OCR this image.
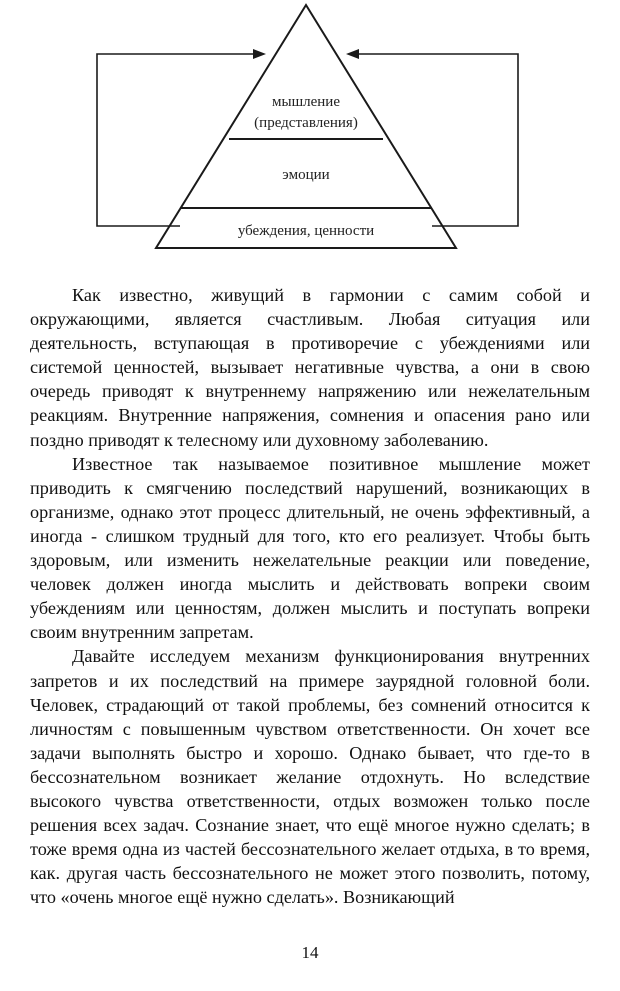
мышление
(представления)
эмоции
убеждения, ценности

Как известно, живущий в гармонии с самим собой и окружающими, является счастливым. Любая ситуация или деятельность, вступающая в противоречие с убеждениями или системой ценностей, вызывает негативные чувства, а они в свою очередь приводят к внутреннему напряжению или нежелательным реакциям. Внутренние напряжения, сомнения и опасения рано или поздно приводят к телесному или духовному заболеванию.

Известное так называемое позитивное мышление может приводить к смягчению последствий нарушений, возникающих в организме, однако этот процесс длительный, не очень эффективный, а иногда - слишком трудный для того, кто его реализует. Чтобы быть здоровым, или изменить нежелательные реакции или поведение, человек должен иногда мыслить и действовать вопреки своим убеждениям или ценностям, должен мыслить и поступать вопреки своим внутренним запретам.

Давайте исследуем механизм функционирования внутренних запретов и их последствий на примере заурядной головной боли. Человек, страдающий от такой проблемы, без сомнений относится к личностям с повышенным чувством ответственности. Он хочет все задачи выполнять быстро и хорошо. Однако бывает, что где-то в бессознательном возникает желание отдохнуть. Но вследствие высокого чувства ответственности, отдых возможен только после решения всех задач. Сознание знает, что ещё многое нужно сделать; в тоже время одна из частей бессознательного желает отдыха, в то время, как. другая часть бессознательного не может этого позволить, потому, что «очень многое ещё нужно сделать». Возникающий

14
